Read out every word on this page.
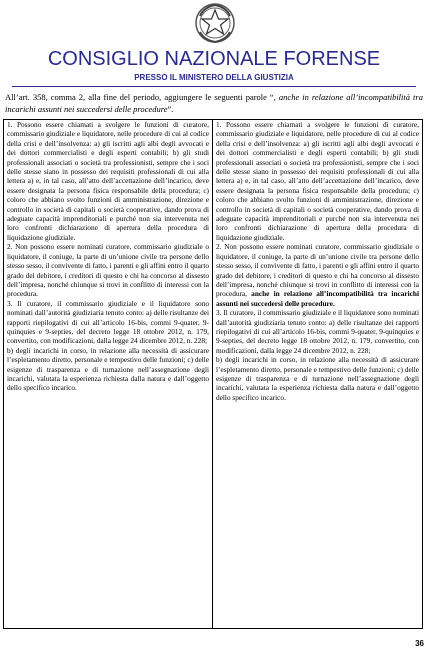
CONSIGLIO NAZIONALE FORENSE
PRESSO IL MINISTERO DELLA GIUSTIZIA
All’art. 358, comma 2, alla fine del periodo, aggiungere le seguenti parole “, anche in relazione all’incompatibilità tra incarichi assunti nei succedersi delle procedure”.

1. Possono essere chiamati a svolgere le funzioni di curatore, commissario giudiziale e liquidatore, nelle procedure di cui al codice della crisi e dell’insolvenza: a) gli iscritti agli albi degli avvocati e dei dottori commercialisti e degli esperti contabili; b) gli studi professionali associati o società tra professionisti, sempre che i soci delle stesse siano in possesso dei requisiti professionali di cui alla lettera a) e, in tal caso, all’atto dell’accettazione dell’incarico, deve essere designata la persona fisica responsabile della procedura; c) coloro che abbiano svolto funzioni di amministrazione, direzione e controllo in società di capitali o società cooperative, dando prova di adeguate capacità imprenditoriali e purché non sia intervenuta nei loro confronti dichiarazione di apertura della procedura di liquidazione giudiziale.

2. Non possono essere nominati curatore, commissario giudiziale o liquidatore, il coniuge, la parte di un’unione civile tra persone dello stesso sesso, il convivente di fatto, i parenti e gli affini entro il quarto grado del debitore, i creditori di questo e chi ha concorso al dissesto dell’impresa, nonché chiunque si trovi in conflitto di interessi con la procedura.

3. Il curatore, il commissario giudiziale e il liquidatore sono nominati dall’autorità giudiziaria tenuto conto: a) delle risultanze dei rapporti riepilogativi di cui all’articolo 16-bis, commi 9-quater, 9-quinquies e 9-septies, del decreto legge 18 ottobre 2012, n. 179, convertito, con modificazioni, dalla legge 24 dicembre 2012, n. 228;

b) degli incarichi in corso, in relazione alla necessità di assicurare l’espletamento diretto, personale e tempestivo delle funzioni; c) delle esigenze di trasparenza e di turnazione nell’assegnazione degli incarichi, valutata la esperienza richiesta dalla natura e dall’oggetto dello specifico incarico.

1. Possono essere chiamati a svolgere le funzioni di curatore, commissario giudiziale e liquidatore, nelle procedure di cui al codice della crisi e dell’insolvenza: a) gli iscritti agli albi degli avvocati e dei dottori commercialisti e degli esperti contabili; b) gli studi professionali associati o società tra professionisti, sempre che i soci delle stesse siano in possesso dei requisiti professionali di cui alla lettera a) e, in tal caso, all’atto dell’accettazione dell’incarico, deve essere designata la persona fisica responsabile della procedura; c) coloro che abbiano svolto funzioni di amministrazione, direzione e controllo in società di capitali o società cooperative, dando prova di adeguate capacità imprenditoriali e purché non sia intervenuta nei loro confronti dichiarazione di apertura della procedura di liquidazione giudiziale.

2. Non possono essere nominati curatore, commissario giudiziale o liquidatore, il coniuge, la parte di un’unione civile tra persone dello stesso sesso, il convivente di fatto, i parenti e gli affini entro il quarto grado del debitore, i creditori di questo e chi ha concorso al dissesto dell’impresa, nonché chiunque si trovi in conflitto di interessi con la procedura, anche in relazione all’incompatibilità tra incarichi assunti nei succedersi delle procedure.

3. Il curatore, il commissario giudiziale e il liquidatore sono nominati dall’autorità giudiziaria tenuto conto: a) delle risultanze dei rapporti riepilogativi di cui all’articolo 16-bis, commi 9-quater, 9-quinquies e 9-septies, del decreto legge 18 ottobre 2012, n. 179, convertito, con modificazioni, dalla legge 24 dicembre 2012, n. 228;

b) degli incarichi in corso, in relazione alla necessità di assicurare l’espletamento diretto, personale e tempestivo delle funzioni; c) delle esigenze di trasparenza e di turnazione nell’assegnazione degli incarichi, valutata la esperienza richiesta dalla natura e dall’oggetto dello specifico incarico.

36
